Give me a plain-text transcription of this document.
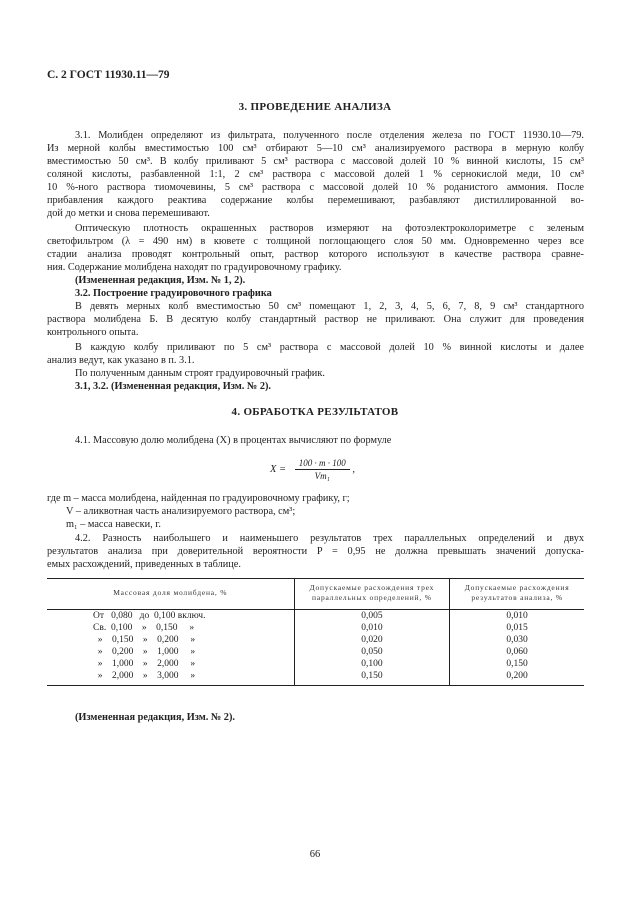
С. 2 ГОСТ 11930.11—79
3. ПРОВЕДЕНИЕ АНАЛИЗА
3.1. Молибден определяют из фильтрата, полученного после отделения железа по ГОСТ 11930.10—79.
Из мерной колбы вместимостью 100 см³ отбирают 5—10 см³ анализируемого раствора в мерную колбу
вместимостью 50 см³. В колбу приливают 5 см³ раствора с массовой долей 10 % винной кислоты, 15 см³
соляной кислоты, разбавленной 1:1, 2 см³ раствора с массовой долей 1 % сернокислой меди, 10 см³
10 %-ного раствора тиомочевины, 5 см³ раствора с массовой долей 10 % роданистого аммония. После
прибавления каждого реактива содержание колбы перемешивают, разбавляют дистиллированной во-
дой до метки и снова перемешивают.
Оптическую плотность окрашенных растворов измеряют на фотоэлектроколориметре с зеленым
светофильтром (λ = 490 нм) в кювете с толщиной поглощающего слоя 50 мм. Одновременно через все
стадии анализа проводят контрольный опыт, раствор которого используют в качестве раствора сравне-
ния. Содержание молибдена находят по градуировочному графику.
(Измененная редакция, Изм. № 1, 2).
3.2. Построение градуировочного графика
В девять мерных колб вместимостью 50 см³ помещают 1, 2, 3, 4, 5, 6, 7, 8, 9 см³ стандартного
раствора молибдена Б. В десятую колбу стандартный раствор не приливают. Она служит для проведения
контрольного опыта.
В каждую колбу приливают по 5 см³ раствора с массовой долей 10 % винной кислоты и далее
анализ ведут, как указано в п. 3.1.
По полученным данным строят градуировочный график.
3.1, 3.2. (Измененная редакция, Изм. № 2).
4. ОБРАБОТКА РЕЗУЛЬТАТОВ
4.1. Массовую долю молибдена (X) в процентах вычисляют по формуле
$X = \frac{100 \cdot m \cdot 100}{\text{Vm₁}}$ ,
где m – масса молибдена, найденная по градуировочному графику, г;
V – аликвотная часть анализируемого раствора, см³;
m₁ – масса навески, г.
4.2. Разность наибольшего и наименьшего результатов трех параллельных определений и двух
результатов анализа при доверительной вероятности P = 0,95 не должна превышать значений допуска-
емых расхождений, приведенных в таблице.
Массовая доля молибдена, %	Допускаемые расхождения трех параллельных определений, %	Допускаемые расхождения результатов анализа, %
От   0,080   до  0,100 включ.	0,005	0,010
Св.  0,100    »    0,150     »	0,010	0,015
»    0,150    »    0,200     »	0,020	0,030
»    0,200    »    1,000     »	0,050	0,060
»    1,000    »    2,000     »	0,100	0,150
»    2,000    »    3,000     »	0,150	0,200
(Измененная редакция, Изм. № 2).
66
